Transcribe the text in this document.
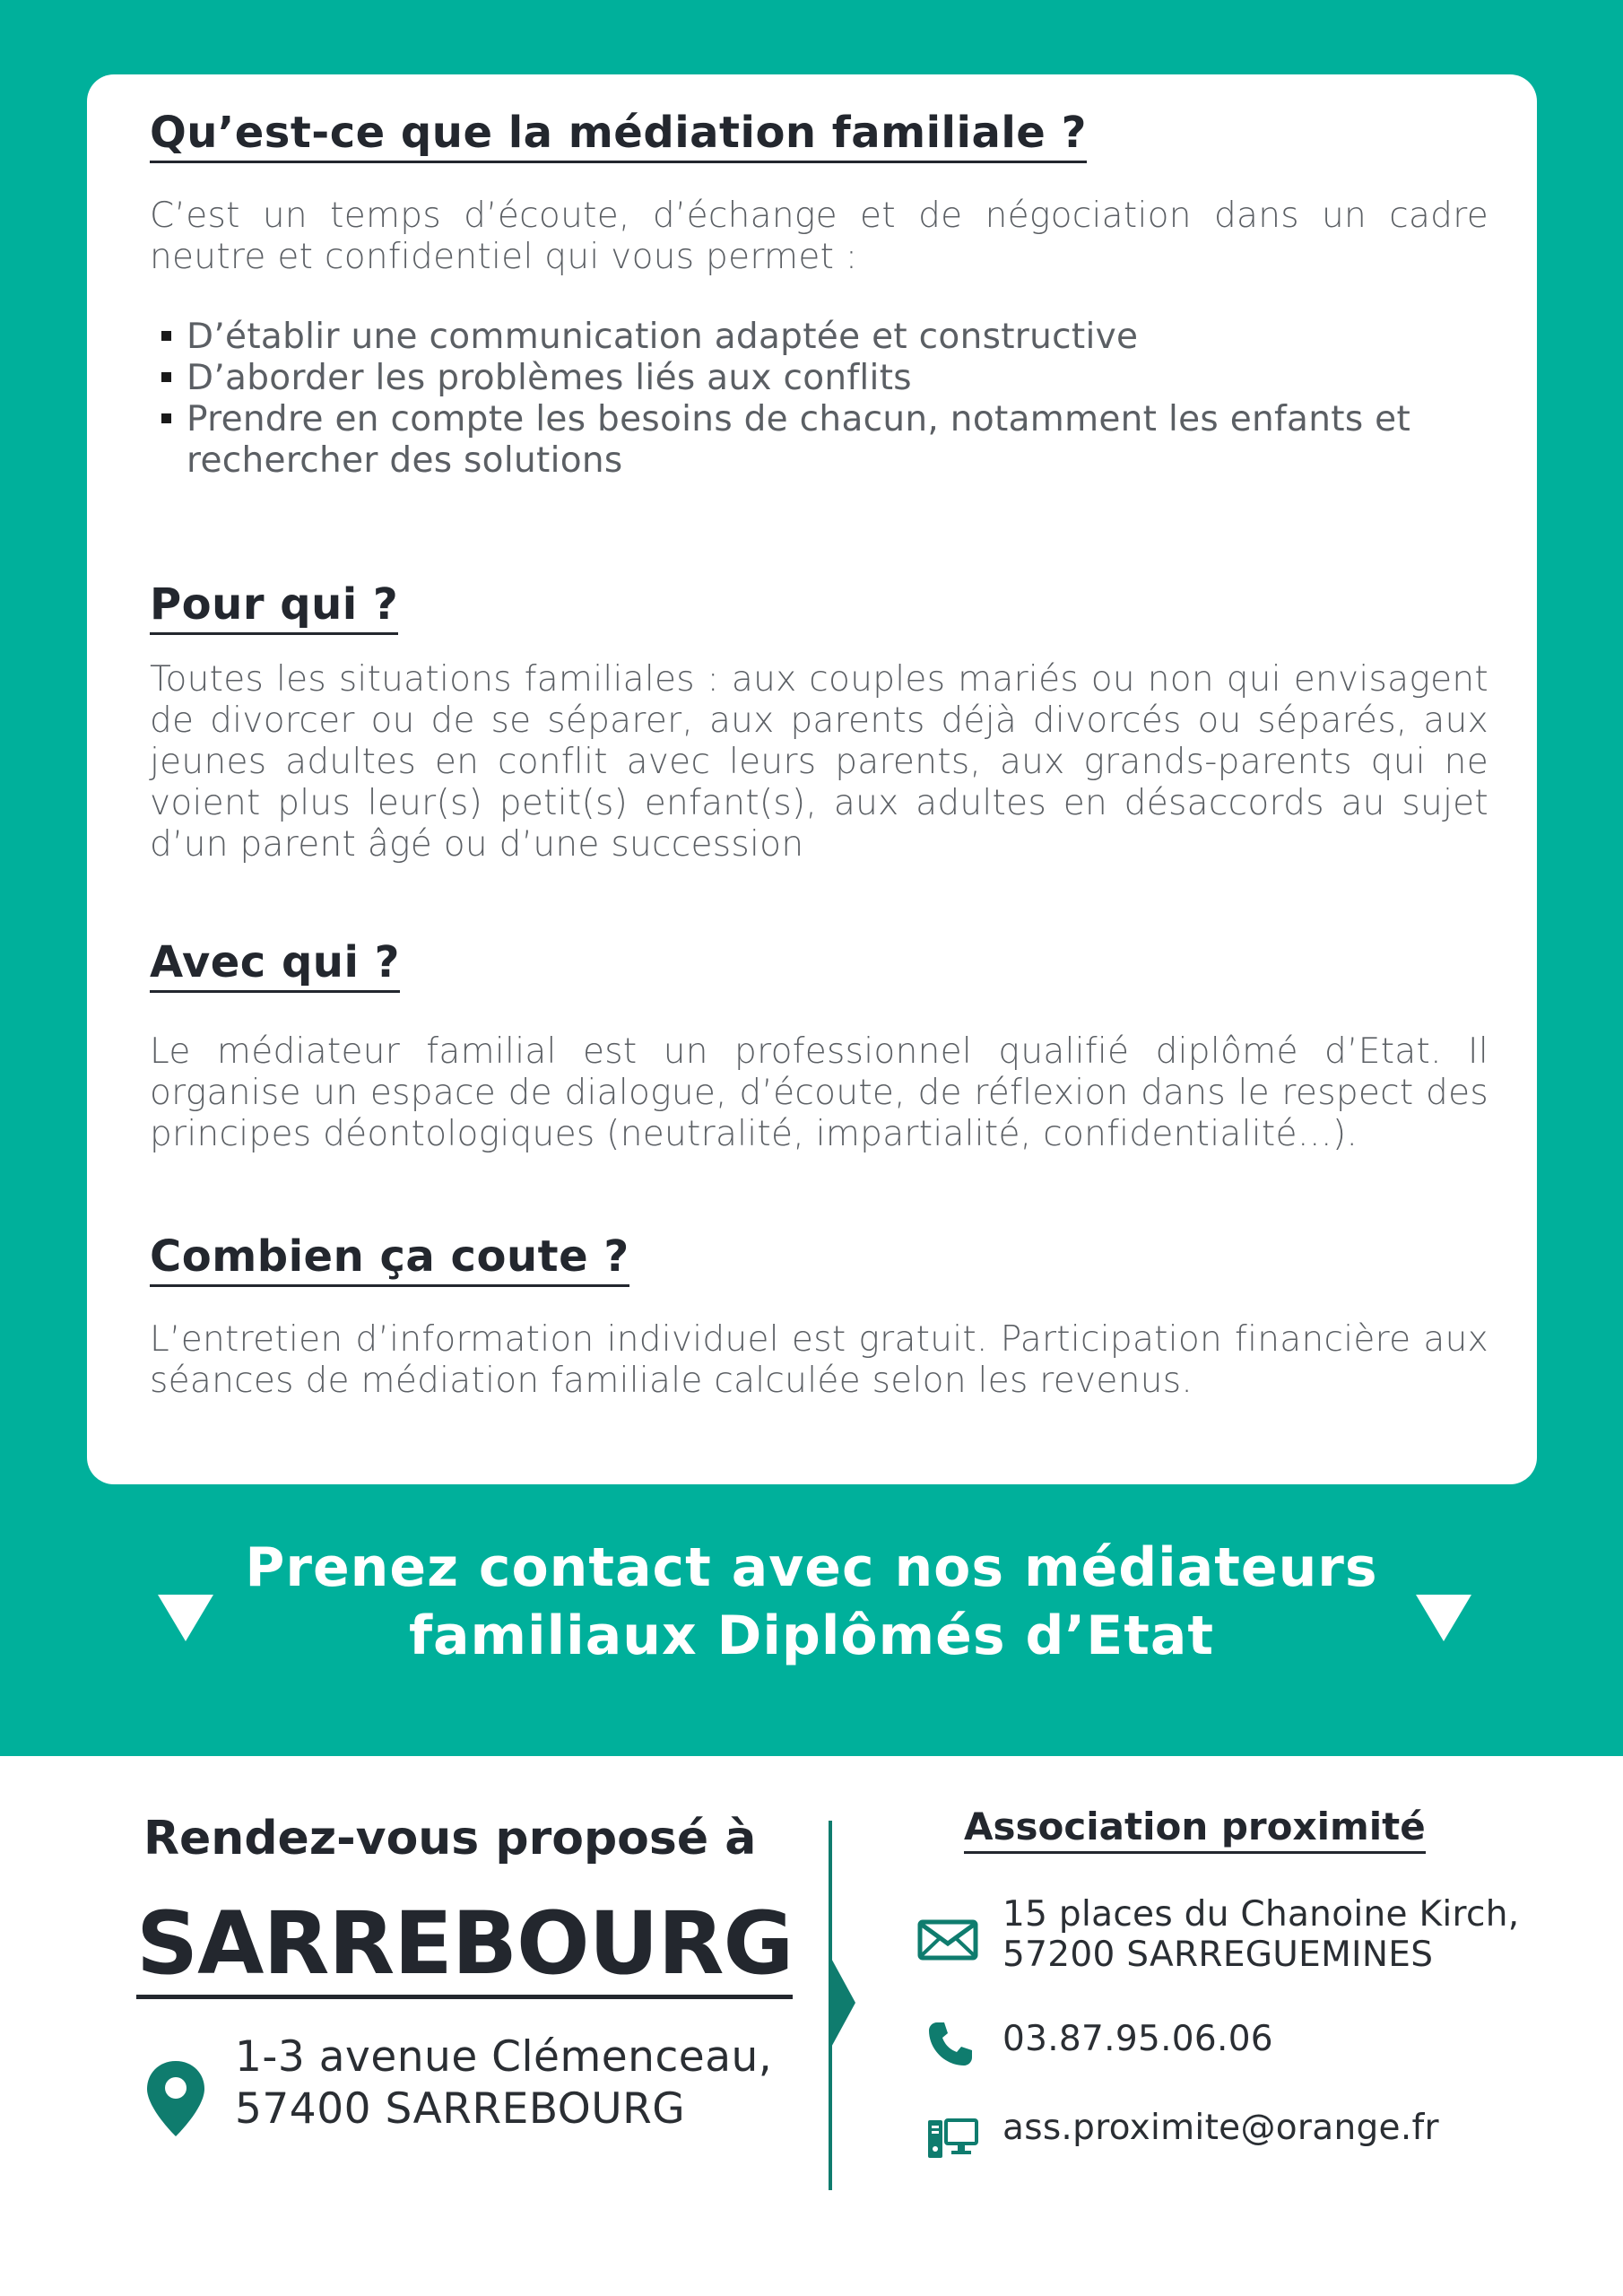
Qu’est-ce que la médiation familiale ?

C’est un temps d’écoute, d’échange et de négociation dans un cadre neutre et confidentiel qui vous permet :

D’établir une communication adaptée et constructive
D’aborder les problèmes liés aux conflits
Prendre en compte les besoins de chacun, notamment les enfants et rechercher des solutions
Pour qui ?

Toutes les situations familiales : aux couples mariés ou non qui envisagent de divorcer ou de se séparer, aux parents déjà divorcés ou séparés, aux jeunes adultes en conflit avec leurs parents, aux grands-parents qui ne voient plus leur(s) petit(s) enfant(s), aux adultes en désaccords au sujet d’un parent âgé ou d’une succession

Avec qui ?

Le médiateur familial est un professionnel qualifié diplômé d’Etat. Il organise un espace de dialogue, d’écoute, de réflexion dans le respect des principes déontologiques (neutralité, impartialité, confidentialité…).

Combien ça coute ?

L’entretien d’information individuel est gratuit. Participation financière aux séances de médiation familiale calculée selon les revenus.

Prenez contact avec nos médiateurs
familiaux Diplômés d’Etat

Rendez-vous proposé à
SARREBOURG

1-3 avenue Clémenceau,
57400 SARREBOURG

Association proximité

15 places du Chanoine Kirch,
57200 SARREGUEMINES

03.87.95.06.06

ass.proximite@orange.fr
